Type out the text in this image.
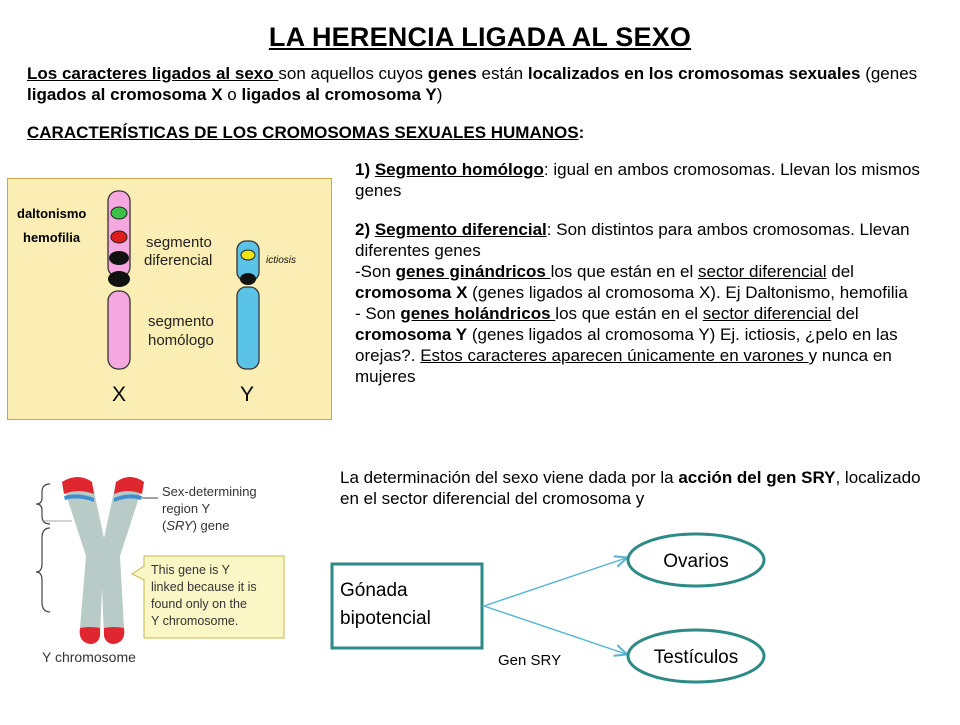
LA HERENCIA LIGADA AL SEXO
Los caracteres ligados al sexo son aquellos cuyos genes están localizados en los cromosomas sexuales (genes ligados al cromosoma X o ligados al cromosoma Y)
CARACTERÍSTICAS DE LOS CROMOSOMAS SEXUALES HUMANOS:
daltonismo
hemofilia	segmento
diferencial
segmento
homólogo
ictiosis
X	Y
1) Segmento homólogo: igual en ambos cromosomas. Llevan los mismos genes
2) Segmento diferencial: Son distintos para ambos cromosomas. Llevan diferentes genes
-Son genes ginándricos los que están en el sector diferencial del cromosoma X (genes ligados al cromosoma X). Ej Daltonismo, hemofilia
- Son genes holándricos los que están en el sector diferencial del cromosoma Y (genes ligados al cromosoma Y) Ej. ictiosis, ¿pelo en las orejas?. Estos caracteres aparecen únicamente en varones y nunca en mujeres
La determinación del sexo viene dada por la acción del gen SRY, localizado en el sector diferencial del cromosoma y
Sex-determining
region Y
(SRY) gene
This gene is Y
linked because it is
found only on the
Y chromosome.
Y chromosome
Gónada
bipotencial
Ovarios
Testículos
Gen SRY
